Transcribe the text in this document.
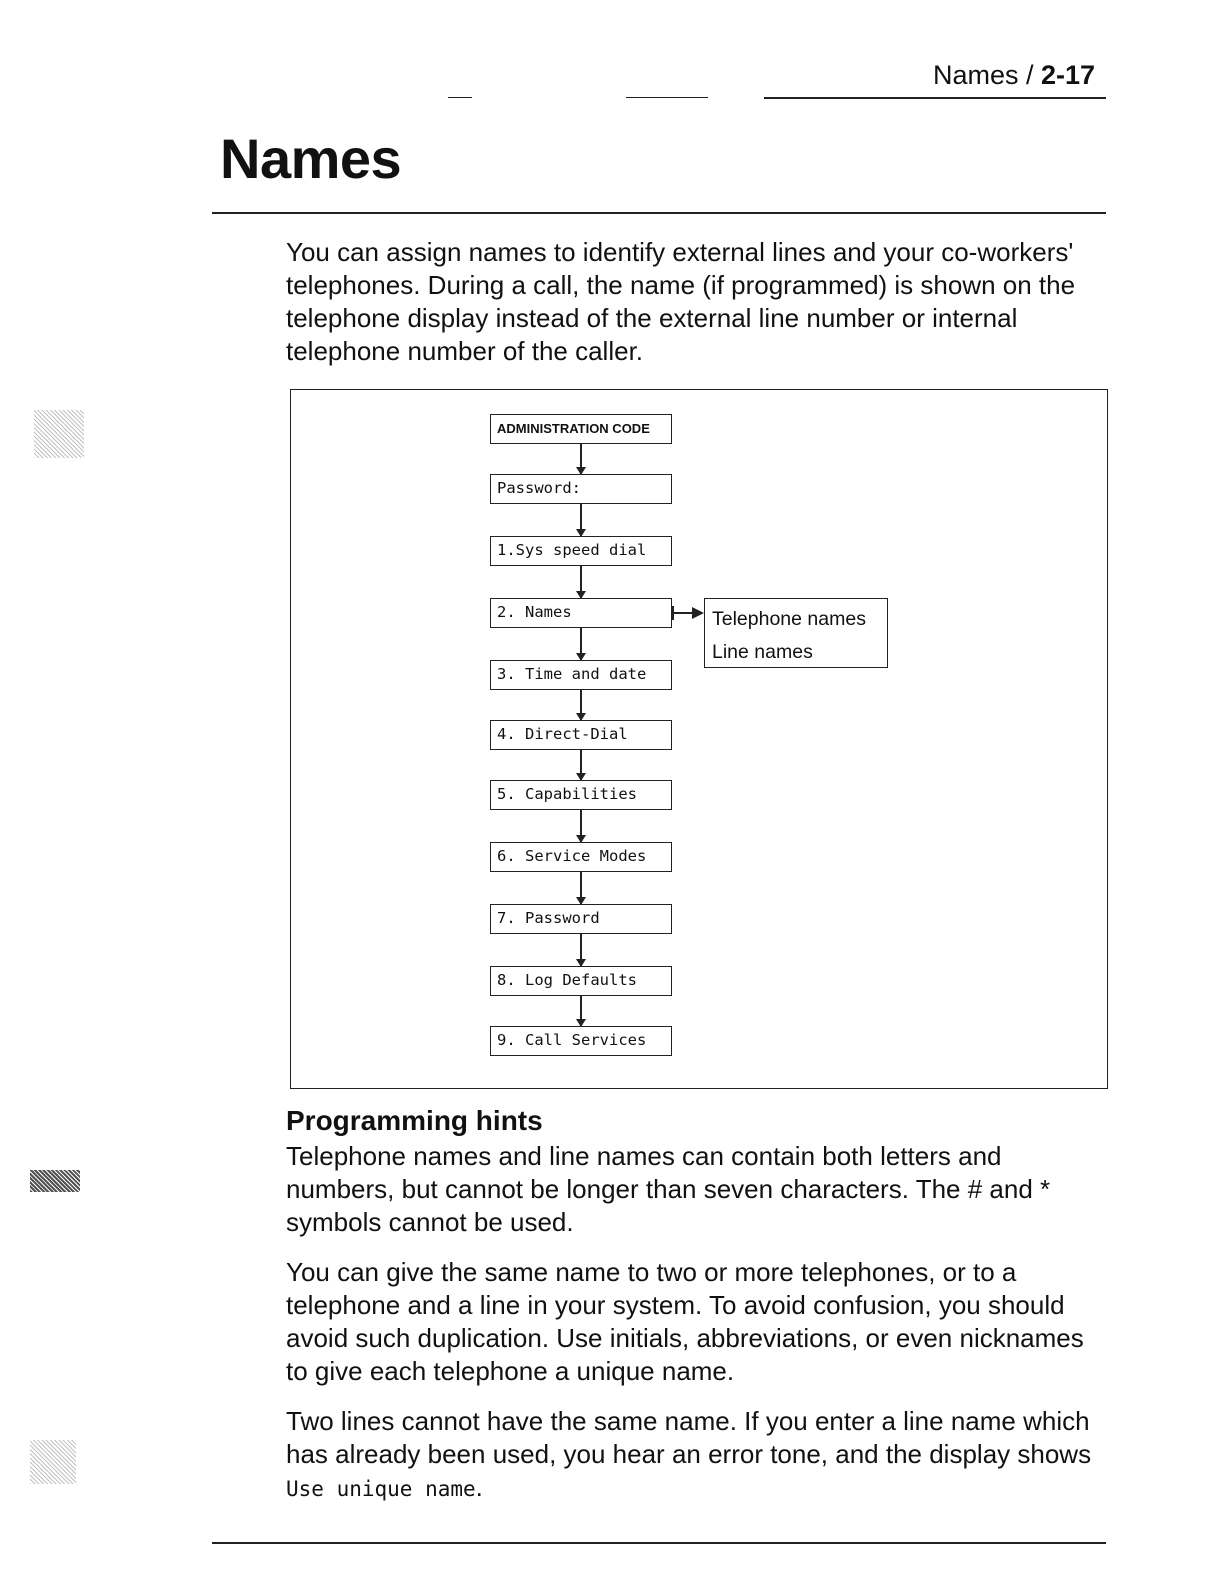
Names / 2-17
Names
You can assign names to identify external lines and your co-workers' telephones. During a call, the name (if programmed) is shown on the telephone display instead of the external line number or internal telephone number of the caller.
ADMINISTRATION CODE
Password:
1.Sys speed dial
2. Names
3. Time and date
4. Direct-Dial
5. Capabilities
6. Service Modes
7. Password
8. Log Defaults
9. Call Services
Telephone names
Line names
Programming hints
Telephone names and line names can contain both letters and numbers, but cannot be longer than seven characters. The # and * symbols cannot be used.
You can give the same name to two or more telephones, or to a telephone and a line in your system. To avoid confusion, you should avoid such duplication. Use initials, abbreviations, or even nicknames to give each telephone a unique name.
Two lines cannot have the same name. If you enter a line name which has already been used, you hear an error tone, and the display shows Use unique name.
